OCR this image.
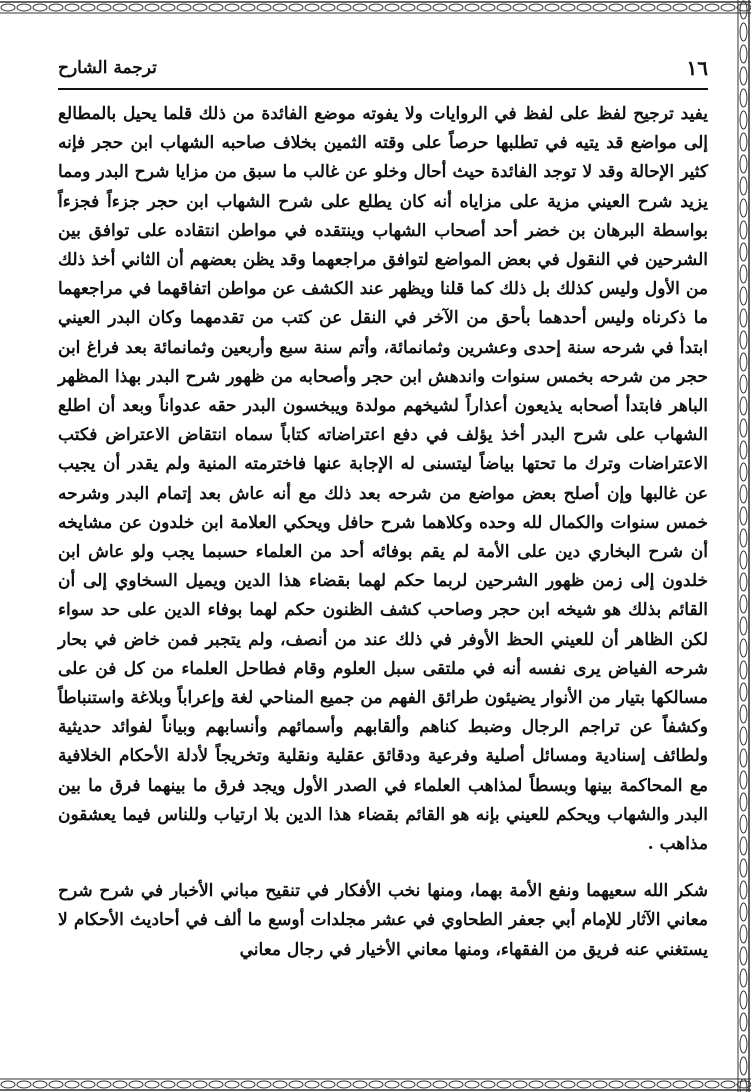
١٦
ترجمة الشارح

يفيد ترجيح لفظ على لفظ في الروايات ولا يفوته موضع الفائدة من ذلك قلما يحيل بالمطالع إلى مواضع قد يتيه في تطلبها حرصاً على وقته الثمين بخلاف صاحبه الشهاب ابن حجر فإنه كثير الإحالة وقد لا توجد الفائدة حيث أحال وخلو عن غالب ما سبق من مزايا شرح البدر ومما يزيد شرح العيني مزية على مزاياه أنه كان يطلع على شرح الشهاب ابن حجر جزءاً فجزءاً بواسطة البرهان بن خضر أحد أصحاب الشهاب وينتقده في مواطن انتقاده على توافق بين الشرحين في النقول في بعض المواضع لتوافق مراجعهما وقد يظن بعضهم أن الثاني أخذ ذلك من الأول وليس كذلك بل ذلك كما قلنا ويظهر عند الكشف عن مواطن اتفاقهما في مراجعهما ما ذكرناه وليس أحدهما بأحق من الآخر في النقل عن كتب من تقدمهما وكان البدر العيني ابتدأ في شرحه سنة إحدى وعشرين وثمانمائة، وأتم سنة سبع وأربعين وثمانمائة بعد فراغ ابن حجر من شرحه بخمس سنوات واندهش ابن حجر وأصحابه من ظهور شرح البدر بهذا المظهر الباهر فابتدأ أصحابه يذيعون أعذاراً لشيخهم مولدة ويبخسون البدر حقه عدواناً وبعد أن اطلع الشهاب على شرح البدر أخذ يؤلف في دفع اعتراضاته كتاباً سماه انتقاض الاعتراض فكتب الاعتراضات وترك ما تحتها بياضاً ليتسنى له الإجابة عنها فاخترمته المنية ولم يقدر أن يجيب عن غالبها وإن أصلح بعض مواضع من شرحه بعد ذلك مع أنه عاش بعد إتمام البدر وشرحه خمس سنوات والكمال لله وحده وكلاهما شرح حافل ويحكي العلامة ابن خلدون عن مشايخه أن شرح البخاري دين على الأمة لم يقم بوفائه أحد من العلماء حسبما يجب ولو عاش ابن خلدون إلى زمن ظهور الشرحين لربما حكم لهما بقضاء هذا الدين ويميل السخاوي إلى أن القائم بذلك هو شيخه ابن حجر وصاحب كشف الظنون حكم لهما بوفاء الدين على حد سواء لكن الظاهر أن للعيني الحظ الأوفر في ذلك عند من أنصف، ولم يتجبر فمن خاض في بحار شرحه الفياض يرى نفسه أنه في ملتقى سبل العلوم وقام فطاحل العلماء من كل فن على مسالكها بتيار من الأنوار يضيئون طرائق الفهم من جميع المناحي لغة وإعراباً وبلاغة واستنباطاً وكشفاً عن تراجم الرجال وضبط كناهم وألقابهم وأسمائهم وأنسابهم وبياناً لفوائد حديثية ولطائف إسنادية ومسائل أصلية وفرعية ودقائق عقلية ونقلية وتخريجاً لأدلة الأحكام الخلافية مع المحاكمة بينها وبسطاً لمذاهب العلماء في الصدر الأول ويجد فرق ما بينهما فرق ما بين البدر والشهاب ويحكم للعيني بإنه هو القائم بقضاء هذا الدين بلا ارتياب وللناس فيما يعشقون مذاهب .

شكر الله سعيهما ونفع الأمة بهما، ومنها نخب الأفكار في تنقيح مباني الأخبار في شرح شرح معاني الآثار للإمام أبي جعفر الطحاوي في عشر مجلدات أوسع ما ألف في أحاديث الأحكام لا يستغني عنه فريق من الفقهاء، ومنها معاني الأخيار في رجال معاني
